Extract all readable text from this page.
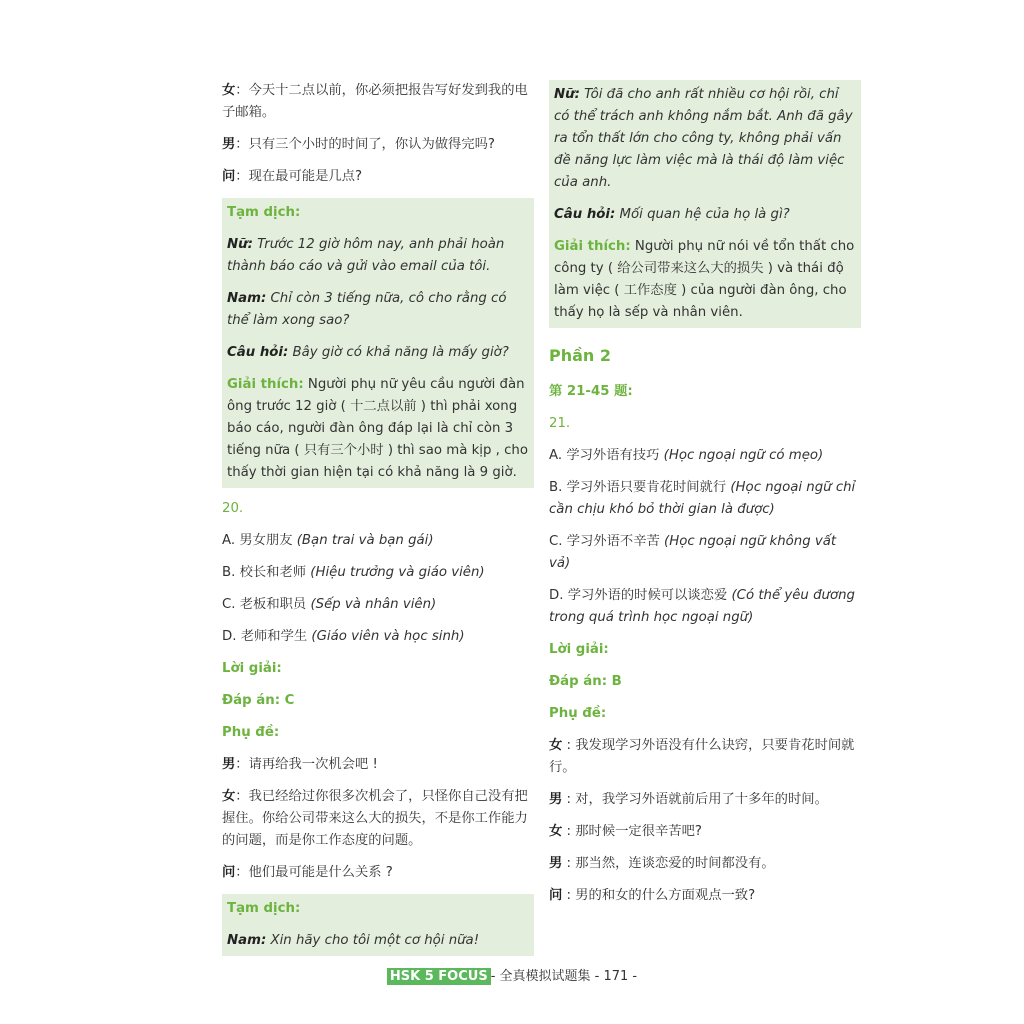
女：今天十二点以前，你必须把报告写好发到我的电子邮箱。

男：只有三个小时的时间了，你认为做得完吗?

问：现在最可能是几点?

Tạm dịch:

Nữ: Trước 12 giờ hôm nay, anh phải hoàn thành báo cáo và gửi vào email của tôi.

Nam: Chỉ còn 3 tiếng nữa, cô cho rằng có thể làm xong sao?

Câu hỏi: Bây giờ có khả năng là mấy giờ?

Giải thích: Người phụ nữ yêu cầu người đàn ông trước 12 giờ ( 十二点以前 ) thì phải xong báo cáo, người đàn ông đáp lại là chỉ còn 3 tiếng nữa ( 只有三个小时 ) thì sao mà kịp , cho thấy thời gian hiện tại có khả năng là 9 giờ.

20.

A. 男女朋友 (Bạn trai và bạn gái)

B. 校长和老师 (Hiệu trưởng và giáo viên)

C. 老板和职员 (Sếp và nhân viên)

D. 老师和学生 (Giáo viên và học sinh)

Lời giải:

Đáp án: C

Phụ đề:

男：请再给我一次机会吧 !

女：我已经给过你很多次机会了，只怪你自己没有把握住。你给公司带来这么大的损失，不是你工作能力的问题，而是你工作态度的问题。

问：他们最可能是什么关系 ?

Tạm dịch:

Nam: Xin hãy cho tôi một cơ hội nữa!

Nữ: Tôi đã cho anh rất nhiều cơ hội rồi, chỉ có thể trách anh không nắm bắt. Anh đã gây ra tổn thất lớn cho công ty, không phải vấn đề năng lực làm việc mà là thái độ làm việc của anh.

Câu hỏi: Mối quan hệ của họ là gì?

Giải thích: Người phụ nữ nói về tổn thất cho công ty ( 给公司带来这么大的损失 ) và thái độ làm việc ( 工作态度 ) của người đàn ông, cho thấy họ là sếp và nhân viên.

Phần 2

第 21-45 题:

21.

A. 学习外语有技巧 (Học ngoại ngữ có mẹo)

B. 学习外语只要肯花时间就行 (Học ngoại ngữ chỉ cần chịu khó bỏ thời gian là được)

C. 学习外语不辛苦 (Học ngoại ngữ không vất vả)

D. 学习外语的时候可以谈恋爱 (Có thể yêu đương trong quá trình học ngoại ngữ)

Lời giải:

Đáp án: B

Phụ đề:

女 : 我发现学习外语没有什么诀窍，只要肯花时间就行。

男 : 对，我学习外语就前后用了十多年的时间。

女 : 那时候一定很辛苦吧?

男 : 那当然，连谈恋爱的时间都没有。

问 : 男的和女的什么方面观点一致?

HSK 5 FOCUS - 全真模拟试题集 - 171 -
